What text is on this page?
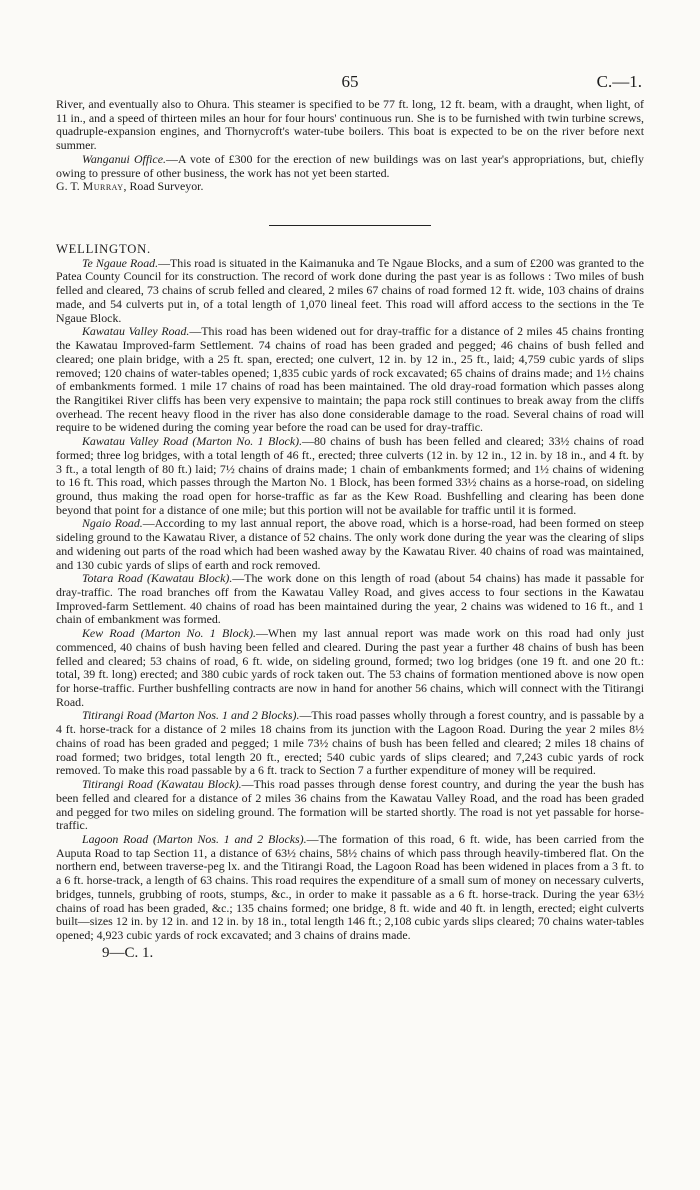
65	C.—1.

River, and eventually also to Ohura. This steamer is specified to be 77 ft. long, 12 ft. beam, with a draught, when light, of 11 in., and a speed of thirteen miles an hour for four hours' continuous run. She is to be furnished with twin turbine screws, quadruple-expansion engines, and Thornycroft's water-tube boilers. This boat is expected to be on the river before next summer.

Wanganui Office.—A vote of £300 for the erection of new buildings was on last year's appropriations, but, chiefly owing to pressure of other business, the work has not yet been started.

G. T. Murray, Road Surveyor.

WELLINGTON.

Te Ngaue Road.—This road is situated in the Kaimanuka and Te Ngaue Blocks, and a sum of £200 was granted to the Patea County Council for its construction. The record of work done during the past year is as follows : Two miles of bush felled and cleared, 73 chains of scrub felled and cleared, 2 miles 67 chains of road formed 12 ft. wide, 103 chains of drains made, and 54 culverts put in, of a total length of 1,070 lineal feet. This road will afford access to the sections in the Te Ngaue Block.

Kawatau Valley Road.—This road has been widened out for dray-traffic for a distance of 2 miles 45 chains fronting the Kawatau Improved-farm Settlement. 74 chains of road has been graded and pegged; 46 chains of bush felled and cleared; one plain bridge, with a 25 ft. span, erected; one culvert, 12 in. by 12 in., 25 ft., laid; 4,759 cubic yards of slips removed; 120 chains of water-tables opened; 1,835 cubic yards of rock excavated; 65 chains of drains made; and 1½ chains of embankments formed. 1 mile 17 chains of road has been maintained. The old dray-road formation which passes along the Rangitikei River cliffs has been very expensive to maintain; the papa rock still continues to break away from the cliffs overhead. The recent heavy flood in the river has also done considerable damage to the road. Several chains of road will require to be widened during the coming year before the road can be used for dray-traffic.

Kawatau Valley Road (Marton No. 1 Block).—80 chains of bush has been felled and cleared; 33½ chains of road formed; three log bridges, with a total length of 46 ft., erected; three culverts (12 in. by 12 in., 12 in. by 18 in., and 4 ft. by 3 ft., a total length of 80 ft.) laid; 7½ chains of drains made; 1 chain of embankments formed; and 1½ chains of widening to 16 ft. This road, which passes through the Marton No. 1 Block, has been formed 33½ chains as a horse-road, on sideling ground, thus making the road open for horse-traffic as far as the Kew Road. Bushfelling and clearing has been done beyond that point for a distance of one mile; but this portion will not be available for traffic until it is formed.

Ngaio Road.—According to my last annual report, the above road, which is a horse-road, had been formed on steep sideling ground to the Kawatau River, a distance of 52 chains. The only work done during the year was the clearing of slips and widening out parts of the road which had been washed away by the Kawatau River. 40 chains of road was maintained, and 130 cubic yards of slips of earth and rock removed.

Totara Road (Kawatau Block).—The work done on this length of road (about 54 chains) has made it passable for dray-traffic. The road branches off from the Kawatau Valley Road, and gives access to four sections in the Kawatau Improved-farm Settlement. 40 chains of road has been maintained during the year, 2 chains was widened to 16 ft., and 1 chain of embankment was formed.

Kew Road (Marton No. 1 Block).—When my last annual report was made work on this road had only just commenced, 40 chains of bush having been felled and cleared. During the past year a further 48 chains of bush has been felled and cleared; 53 chains of road, 6 ft. wide, on sideling ground, formed; two log bridges (one 19 ft. and one 20 ft.: total, 39 ft. long) erected; and 380 cubic yards of rock taken out. The 53 chains of formation mentioned above is now open for horse-traffic. Further bushfelling contracts are now in hand for another 56 chains, which will connect with the Titirangi Road.

Titirangi Road (Marton Nos. 1 and 2 Blocks).—This road passes wholly through a forest country, and is passable by a 4 ft. horse-track for a distance of 2 miles 18 chains from its junction with the Lagoon Road. During the year 2 miles 8½ chains of road has been graded and pegged; 1 mile 73½ chains of bush has been felled and cleared; 2 miles 18 chains of road formed; two bridges, total length 20 ft., erected; 540 cubic yards of slips cleared; and 7,243 cubic yards of rock removed. To make this road passable by a 6 ft. track to Section 7 a further expenditure of money will be required.

Titirangi Road (Kawatau Block).—This road passes through dense forest country, and during the year the bush has been felled and cleared for a distance of 2 miles 36 chains from the Kawatau Valley Road, and the road has been graded and pegged for two miles on sideling ground. The formation will be started shortly. The road is not yet passable for horse-traffic.

Lagoon Road (Marton Nos. 1 and 2 Blocks).—The formation of this road, 6 ft. wide, has been carried from the Auputa Road to tap Section 11, a distance of 63½ chains, 58½ chains of which pass through heavily-timbered flat. On the northern end, between traverse-peg lx. and the Titirangi Road, the Lagoon Road has been widened in places from a 3 ft. to a 6 ft. horse-track, a length of 63 chains. This road requires the expenditure of a small sum of money on necessary culverts, bridges, tunnels, grubbing of roots, stumps, &c., in order to make it passable as a 6 ft. horse-track. During the year 63½ chains of road has been graded, &c.; 135 chains formed; one bridge, 8 ft. wide and 40 ft. in length, erected; eight culverts built—sizes 12 in. by 12 in. and 12 in. by 18 in., total length 146 ft.; 2,108 cubic yards slips cleared; 70 chains water-tables opened; 4,923 cubic yards of rock excavated; and 3 chains of drains made.

9—C. 1.
